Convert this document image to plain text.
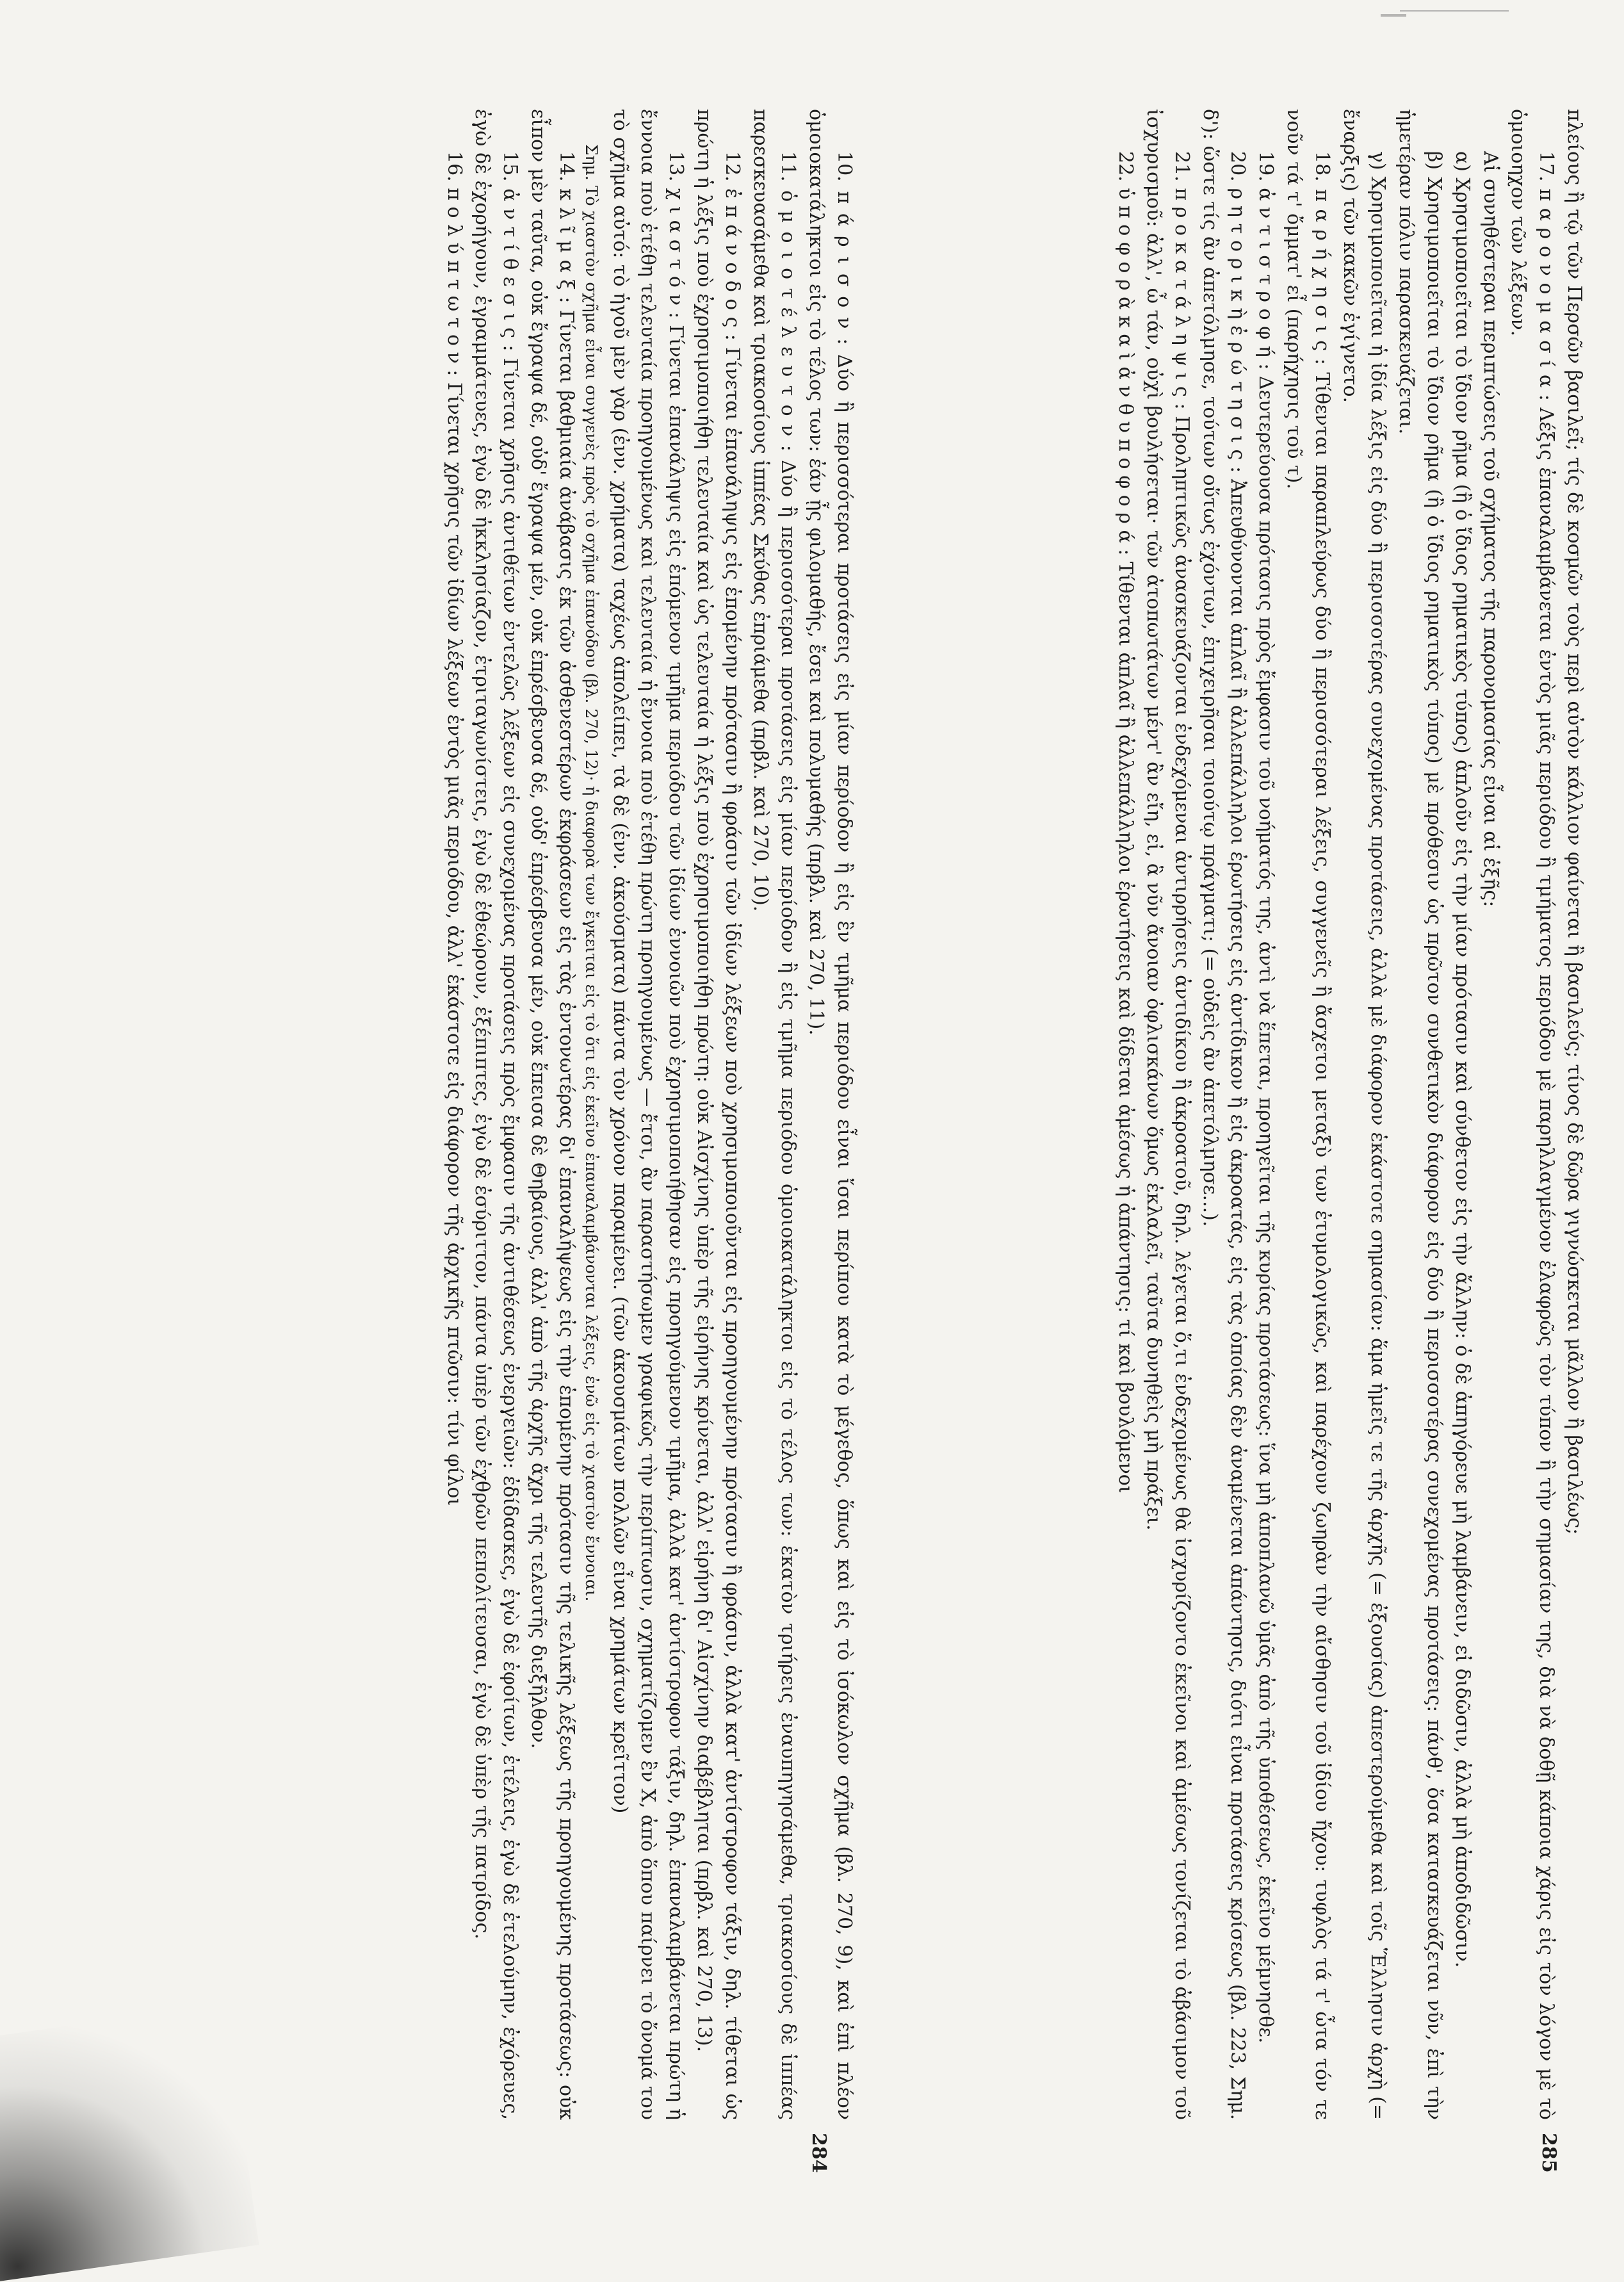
10. π ά ρ ι σ ο ν : Δύο ἢ περισσότεραι προτάσεις εἰς μίαν περίοδον ἢ εἰς ἓν τμῆμα περιόδου εἶναι ἴσαι περίπου κατὰ τὸ μέγεθος, ὅπως καὶ εἰς τὸ ἰσόκωλον σχῆμα (βλ. 270, 9), καὶ ἐπὶ πλέον ὁμοιοκατάληκτοι εἰς τὸ τέλος των: ἐάν ᾖς φιλομαθής, ἔσει καὶ πολυμαθής (πρβλ. καὶ 270, 11).

11. ὁ μ ο ι ο τ έ λ ε υ τ ο ν : Δύο ἢ περισσότεραι προτάσεις εἰς μίαν περίοδον ἢ εἰς τμῆμα περιόδου ὁμοιοκατάληκτοι εἰς τὸ τέλος των: ἑκατὸν τριήρεις ἐναυπηγησάμεθα, τριακοσίους δὲ ἱππέας παρεσκευασάμεθα καὶ τριακοσίους ἱππέας Σκύθας ἐπριάμεθα (πρβλ. καὶ 270, 10).

12. ἐ π ά ν ο δ ο ς : Γίνεται ἐπανάληψις εἰς ἑπομένην πρότασιν ἢ φράσιν τῶν ἰδίων λέξεων ποὺ χρησιμοποιοῦνται εἰς προηγουμένην πρότασιν ἢ φράσιν, ἀλλὰ κατ' ἀντίστροφον τάξιν, δηλ. τίθεται ὡς πρώτη ἡ λέξις ποὺ ἐχρησιμοποιήθη τελευταία καὶ ὡς τελευταία ἡ λέξις ποὺ ἐχρησιμοποιήθη πρώτη: οὐκ Αἰσχίνης ὑπὲρ τῆς εἰρήνης κρίνεται, ἀλλ' εἰρήνη δι' Αἰσχίνην διαβέβληται (πρβλ. καὶ 270, 13).

13. χ ι α σ τ ό ν : Γίνεται ἐπανάληψις εἰς ἑπόμενον τμῆμα περιόδου τῶν ἰδίων ἐννοιῶν ποὺ ἐχρησιμοποιήθησαν εἰς προηγούμενον τμῆμα, ἀλλὰ κατ' ἀντίστροφον τάξιν, δηλ. ἐπαναλαμβάνεται πρώτη ἡ ἔννοια ποὺ ἐτέθη τελευταία προηγουμένως καὶ τελευταία ἡ ἔννοια ποὺ ἐτέθη πρώτη προηγουμένως — ἔτσι, ἂν παραστήσωμεν γραφικῶς τὴν περίπτωσιν, σχηματίζομεν ἓν Χ, ἀπὸ ὅπου παίρνει τὸ ὄνομά του τὸ σχῆμα αὐτό: τὸ ἡγοῦ μὲν γὰρ (ἐνν. χρήματα) ταχέως ἀπολείπει, τὰ δὲ (ἐνν. ἀκούσματα) πάντα τὸν χρόνον παραμένει. (τῶν ἀκουσμάτων πολλῶν εἶναι χρημάτων κρεῖττον)

Σημ. Τὸ χιαστὸν σχῆμα εἶναι συγγενὲς πρὸς τὸ σχῆμα ἐπανόδου (βλ. 270, 12)· ἡ διαφορὰ των ἔγκειται εἰς τὸ ὅτι εἰς ἐκεῖνο ἐπαναλαμβάνονται λέξεις, ἐνῶ εἰς τὸ χιαστὸν ἔννοιαι.

14. κ λ ῖ μ α ξ : Γίνεται βαθμιαία ἀνάβασις ἐκ τῶν ἀσθενεστέρων ἐκφράσεων εἰς τὰς ἐντονωτέρας δι' ἐπαναλήψεως εἰς τὴν ἑπομένην πρότασιν τῆς τελικῆς λέξεως τῆς προηγουμένης προτάσεως: οὐκ εἶπον μὲν ταῦτα, οὐκ ἔγραψα δέ, οὐδ' ἔγραψα μέν, οὐκ ἐπρέσβευσα δέ, οὐδ' ἐπρέσβευσα μέν, οὐκ ἔπεισα δὲ Θηβαίους, ἀλλ' ἀπὸ τῆς ἀρχῆς ἄχρι τῆς τελευτῆς διεξῆλθον.

15. ἀ ν τ ί θ ε σ ι ς : Γίνεται χρῆσις ἀντιθέτων ἐντελῶς λέξεων εἰς συνεχομένας προτάσεις πρὸς ἔμφασιν τῆς ἀντιθέσεως ἐνεργειῶν: ἐδίδασκες, ἐγὼ δὲ ἐφοίτων, ἐτέλεις, ἐγὼ δὲ ἐτελούμην, ἐχόρευες, ἐγὼ δὲ ἐχορήγουν, ἐγραμμάτευες, ἐγὼ δὲ ἠκκλησίαζον, ἐτριταγωνίστεις, ἐγὼ δὲ ἐθεώρουν, ἐξέπιπτες, ἐγὼ δὲ ἐσύριττον, πάντα ὑπὲρ τῶν ἐχθρῶν πεπολίτευσαι, ἐγὼ δὲ ὑπὲρ τῆς πατρίδος.

16. π ο λ ύ π τ ω τ ο ν : Γίνεται χρῆσις τῶν ἰδίων λέξεων ἐντὸς μιᾶς περιόδου, ἀλλ' ἑκάστοτε εἰς διάφορον τῆς ἀρχικῆς πτῶσιν: τίνι φίλοι

284

πλείους ἢ τῷ τῶν Περσῶν βασιλεῖ; τίς δὲ κοσμῶν τοὺς περὶ αὐτὸν κάλλιον φαίνεται ἢ βασιλεύς; τίνος δὲ δῶρα γιγνώσκεται μᾶλλον ἢ βασιλέως;

17. π α ρ ο ν ο μ α σ ί α : Λέξις ἐπαναλαμβάνεται ἐντὸς μιᾶς περιόδου ἢ τμήματος περιόδου μὲ παρηλλαγμένον ἐλαφρῶς τὸν τύπον ἢ τὴν σημασίαν της, διὰ νὰ δοθῇ κάποια χάρις εἰς τὸν λόγον μὲ τὸ ὁμοιοηχον τῶν λέξεων.

Αἱ συνηθέστεραι περιπτώσεις τοῦ σχήματος τῆς παρονομασίας εἶναι αἱ ἑξῆς:

α) Χρησιμοποιεῖται τὸ ἴδιον ρῆμα (ἢ ὁ ἴδιος ρηματικὸς τύπος) ἁπλοῦν εἰς τὴν μίαν πρότασιν καὶ σύνθετον εἰς τὴν ἄλλην: ὁ δὲ ἀπηγόρευε μὴ λαμβάνειν, εἰ διδῶσιν, ἀλλὰ μὴ ἀποδιδῶσιν.

β) Χρησιμοποιεῖται τὸ ἴδιον ρῆμα (ἢ ὁ ἴδιος ρηματικὸς τύπος) μὲ πρόθεσιν ὡς πρῶτον συνθετικὸν διάφορον εἰς δύο ἢ περισσοτέρας συνεχομένας προτάσεις: πάνθ', ὅσα κατασκευάζεται νῦν, ἐπὶ τὴν ἡμετέραν πόλιν παρασκευάζεται.

γ) Χρησιμοποιεῖται ἡ ἰδία λέξις εἰς δύο ἢ περισσοτέρας συνεχομένας προτάσεις, ἀλλὰ μὲ διάφορον ἑκάστοτε σημασίαν: ἅμα ἡμεῖς τε τῆς ἀρχῆς (= ἐξουσίας) ἀπεστερούμεθα καὶ τοῖς Ἕλλησιν ἀρχὴ (= ἔναρξις) τῶν κακῶν ἐγίγνετο.

18. π α ρ ή χ η σ ι ς : Τίθενται παραπλεύρως δύο ἢ περισσότεραι λέξεις, συγγενεῖς ἢ ἄσχετοι μεταξὺ των ἐτυμολογικῶς, καὶ παρέχουν ζωηρὰν τὴν αἴσθησιν τοῦ ἰδίου ἤχου: τυφλὸς τά τ' ὦτα τόν τε νοῦν τά τ' ὄμματ' εἶ (παρήχησις τοῦ τ).

19. ἀ ν τ ι σ τ ρ ο φ ή : Δευτερεύουσα πρότασις πρὸς ἔμφασιν τοῦ νοήματός της, ἀντὶ νὰ ἕπεται, προηγεῖται τῆς κυρίας προτάσεως: ἵνα μὴ ἀποπλανῶ ὑμᾶς ἀπὸ τῆς ὑποθέσεως, ἐκεῖνο μέμνησθε.

20. ρ η τ ο ρ ι κ ὴ ἐ ρ ώ τ η σ ι ς : Ἀπευθύνονται ἁπλαῖ ἢ ἀλλεπάλληλοι ἐρωτήσεις εἰς ἀντίδικον ἢ εἰς ἀκροατάς, εἰς τὰς ὁποίας δὲν ἀναμένεται ἀπάντησις, διότι εἶναι προτάσεις κρίσεως (βλ. 223, Σημ. δ'): ὥστε τίς ἂν ἀπετόλμησε, τούτων οὕτως ἐχόντων, ἐπιχειρῆσαι τοιούτῳ πράγματι; (= οὐδεὶς ἂν ἀπετόλμησε...).

21. π ρ ο κ α τ ά λ η ψ ι ς : Προληπτικῶς ἀνασκευάζονται ἐνδεχόμεναι ἀντιρρήσεις ἀντιδίκου ἢ ἀκροατοῦ, δηλ. λέγεται ὅ,τι ἐνδεχομένως θὰ ἰσχυρίζοντο ἐκεῖνοι καὶ ἀμέσως τονίζεται τὸ ἀβάσιμον τοῦ ἰσχυρισμοῦ: ἀλλ', ὦ τάν, οὐχὶ βουλήσεται· τῶν ἀτοπωτάτων μέντ' ἂν εἴη, εἰ, ἃ νῦν ἄνοιαν ὀφλισκάνων ὅμως ἐκλαλεῖ, ταῦτα δυνηθεὶς μὴ πράξει.

22. ὑ π ο φ ο ρ ὰ κ α ὶ ἀ ν θ υ π ο φ ο ρ ά : Τίθενται ἁπλαῖ ἢ ἀλλεπάλληλοι ἐρωτήσεις καὶ δίδεται ἀμέσως ἡ ἀπάντησις: τί καὶ βουλόμενοι

285
